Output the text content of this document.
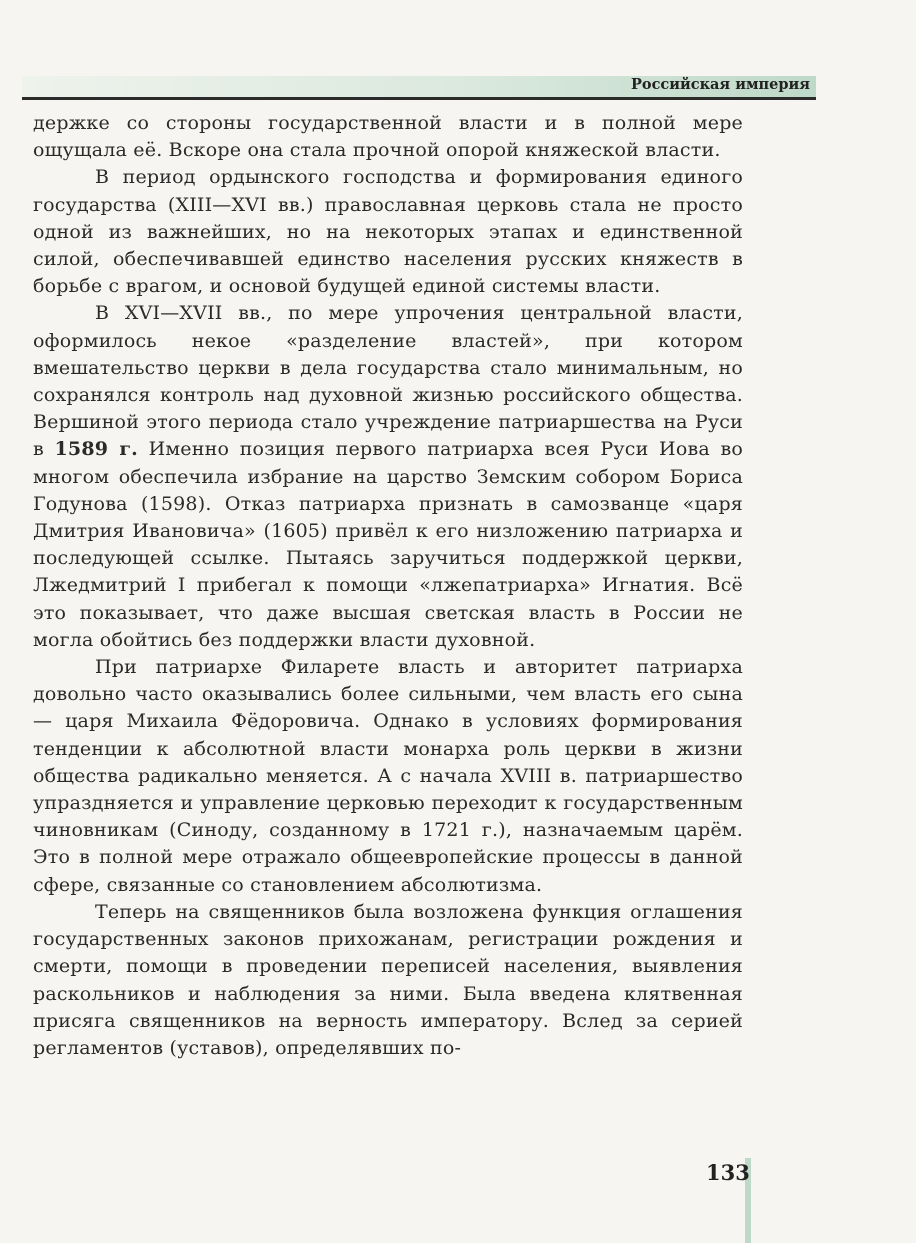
Российская империя

держке со стороны государственной власти и в полной мере ощущала её. Вскоре она стала прочной опорой княжеской власти.

В период ордынского господства и формирования единого государства (XIII—XVI вв.) православная церковь стала не просто одной из важнейших, но на некоторых этапах и единственной силой, обеспечивавшей единство населения русских княжеств в борьбе с врагом, и основой будущей единой системы власти.

В XVI—XVII вв., по мере упрочения центральной власти, оформилось некое «разделение властей», при котором вмешательство церкви в дела государства стало минимальным, но сохранялся контроль над духовной жизнью российского общества. Вершиной этого периода стало учреждение патриаршества на Руси в 1589 г. Именно позиция первого патриарха всея Руси Иова во многом обеспечила избрание на царство Земским собором Бориса Годунова (1598). Отказ патриарха признать в самозванце «царя Дмитрия Ивановича» (1605) привёл к его низложению патриарха и последующей ссылке. Пытаясь заручиться поддержкой церкви, Лжедмитрий I прибегал к помощи «лжепатриарха» Игнатия. Всё это показывает, что даже высшая светская власть в России не могла обойтись без поддержки власти духовной.

При патриархе Филарете власть и авторитет патриарха довольно часто оказывались более сильными, чем власть его сына — царя Михаила Фёдоровича. Однако в условиях формирования тенденции к абсолютной власти монарха роль церкви в жизни общества радикально меняется. А с начала XVIII в. патриаршество упраздняется и управление церковью переходит к государственным чиновникам (Синоду, созданному в 1721 г.), назначаемым царём. Это в полной мере отражало общеевропейские процессы в данной сфере, связанные со становлением абсолютизма.

Теперь на священников была возложена функция оглашения государственных законов прихожанам, регистрации рождения и смерти, помощи в проведении переписей населения, выявления раскольников и наблюдения за ними. Была введена клятвенная присяга священников на верность императору. Вслед за серией регламентов (уставов), определявших по-

133
